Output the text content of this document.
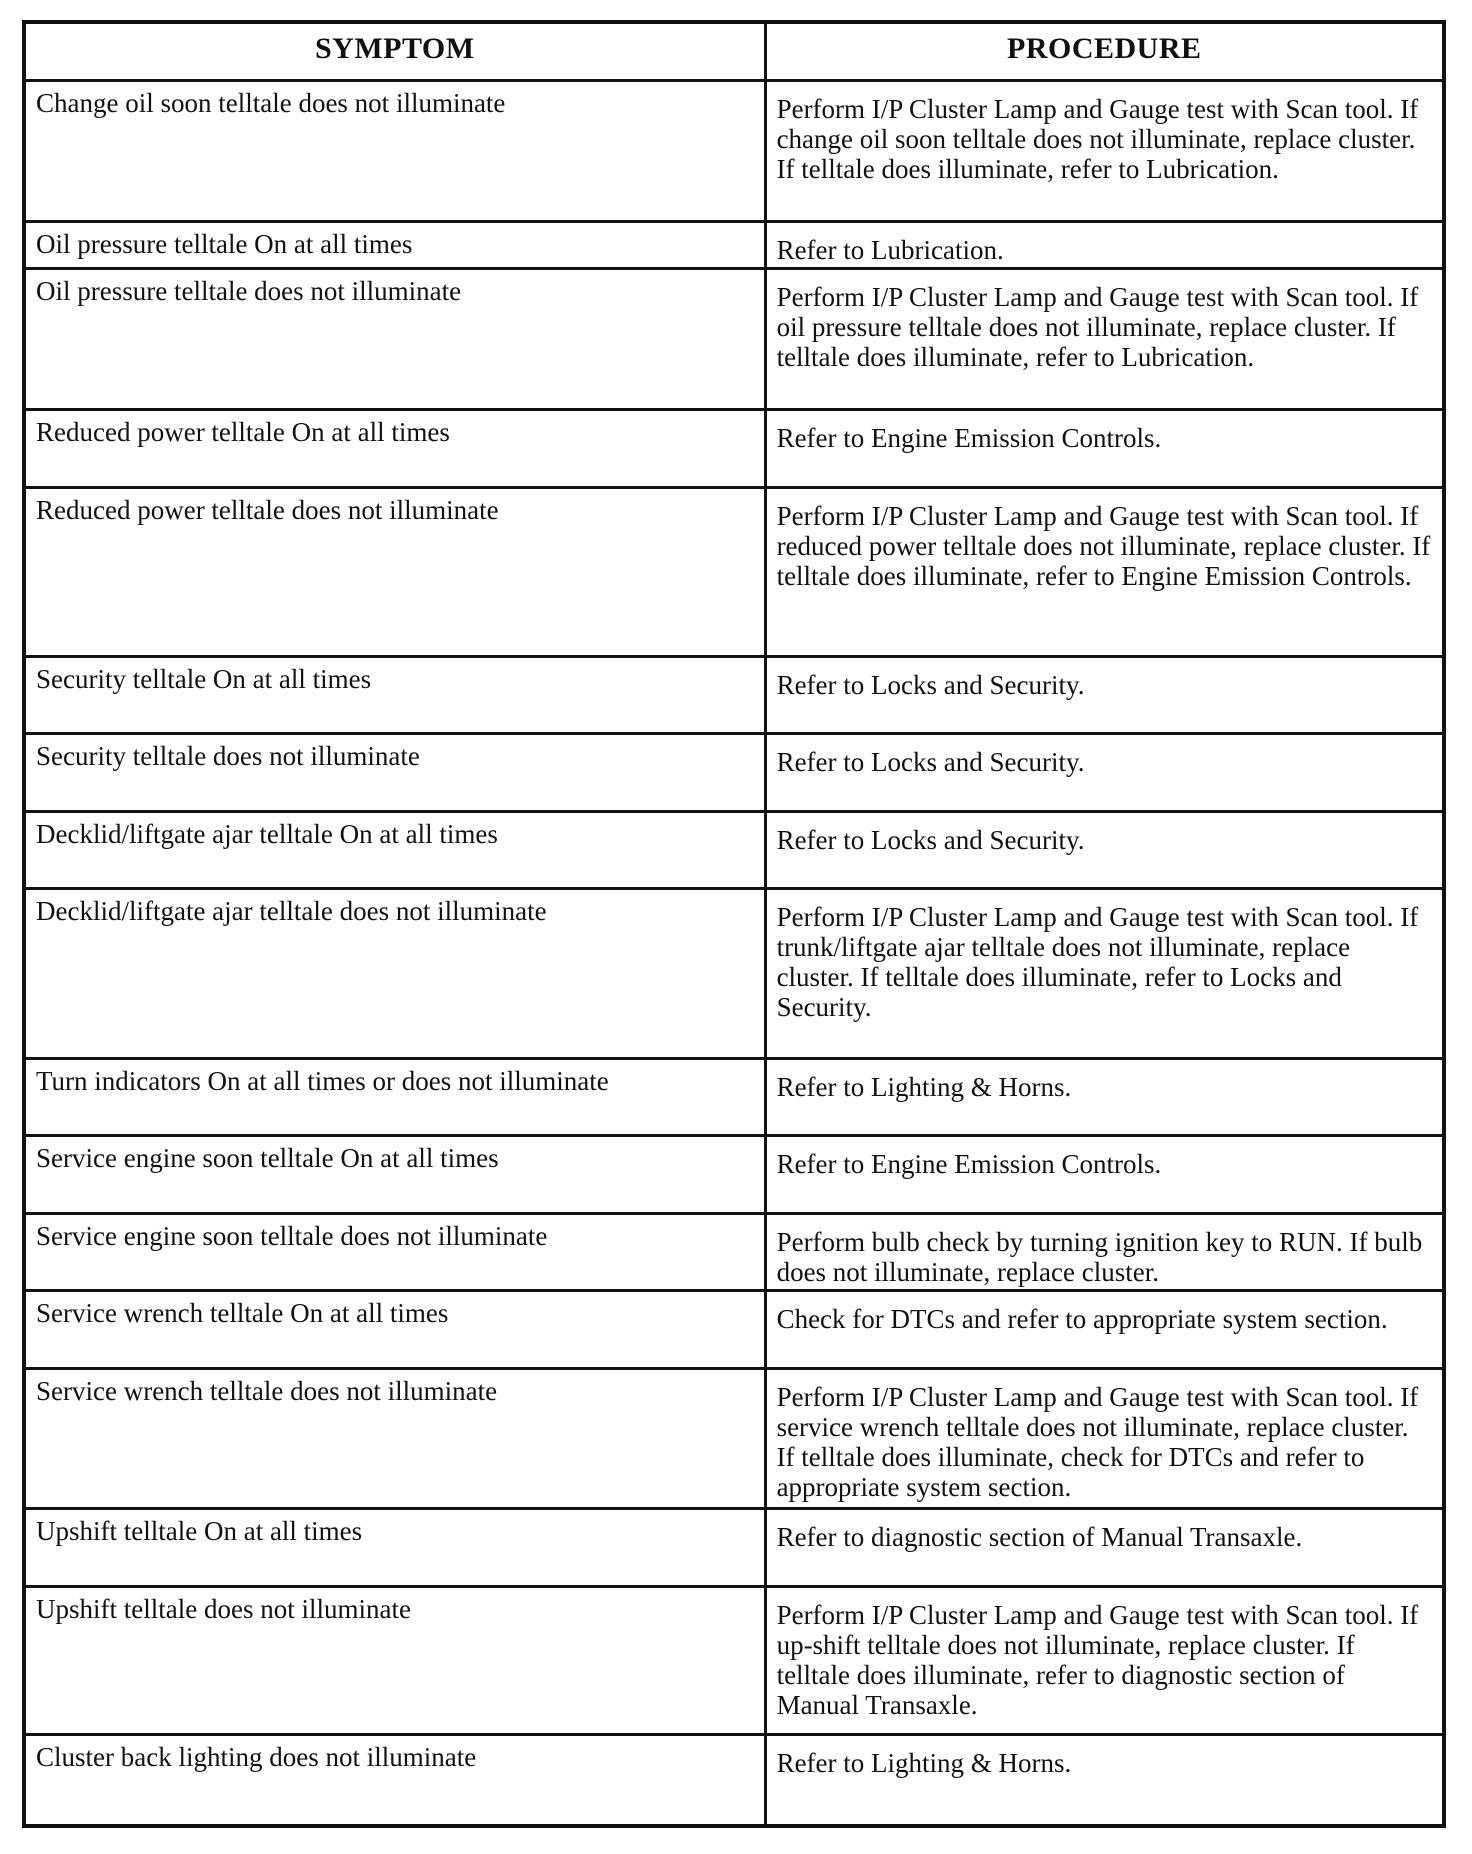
SYMPTOM	PROCEDURE
Change oil soon telltale does not illuminate	Perform I/P Cluster Lamp and Gauge test with Scan tool. If change oil soon telltale does not illuminate, replace cluster. If telltale does illuminate, refer to Lubrication.
Oil pressure telltale On at all times	Refer to Lubrication.
Oil pressure telltale does not illuminate	Perform I/P Cluster Lamp and Gauge test with Scan tool. If oil pressure telltale does not illuminate, replace cluster. If telltale does illuminate, refer to Lubrication.
Reduced power telltale On at all times	Refer to Engine Emission Controls.
Reduced power telltale does not illuminate	Perform I/P Cluster Lamp and Gauge test with Scan tool. If reduced power telltale does not illuminate, replace cluster. If telltale does illuminate, refer to Engine Emission Controls.
Security telltale On at all times	Refer to Locks and Security.
Security telltale does not illuminate	Refer to Locks and Security.
Decklid/liftgate ajar telltale On at all times	Refer to Locks and Security.
Decklid/liftgate ajar telltale does not illuminate	Perform I/P Cluster Lamp and Gauge test with Scan tool. If trunk/liftgate ajar telltale does not illuminate, replace cluster. If telltale does illuminate, refer to Locks and Security.
Turn indicators On at all times or does not illuminate	Refer to Lighting & Horns.
Service engine soon telltale On at all times	Refer to Engine Emission Controls.
Service engine soon telltale does not illuminate	Perform bulb check by turning ignition key to RUN. If bulb does not illuminate, replace cluster.
Service wrench telltale On at all times	Check for DTCs and refer to appropriate system section.
Service wrench telltale does not illuminate	Perform I/P Cluster Lamp and Gauge test with Scan tool. If service wrench telltale does not illuminate, replace cluster. If telltale does illuminate, check for DTCs and refer to appropriate system section.
Upshift telltale On at all times	Refer to diagnostic section of Manual Transaxle.
Upshift telltale does not illuminate	Perform I/P Cluster Lamp and Gauge test with Scan tool. If up-shift telltale does not illuminate, replace cluster. If telltale does illuminate, refer to diagnostic section of Manual Transaxle.
Cluster back lighting does not illuminate	Refer to Lighting & Horns.
